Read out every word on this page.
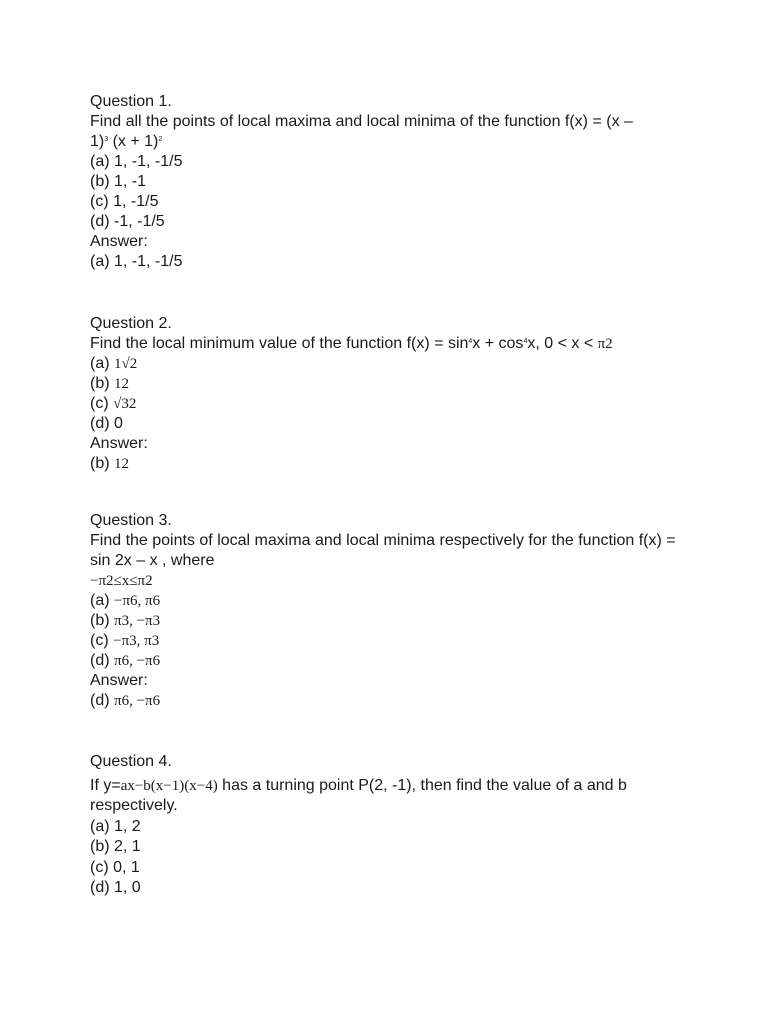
Question 1.
Find all the points of local maxima and local minima of the function f(x) = (x –
1)$^3$ $(x + 1)^2$
(a) 1, -1, -1/5
(b) 1, -1
(c) 1, -1/5
(d) -1, -1/5
Answer:
(a) 1, -1, -1/5
Question 2.
Find the local minimum value of the function $f(x) = \sin^4x + \cos^4x$, 0 < x < π2
(a) 1√2
(b) 12
(c) √32
(d) 0
Answer:
(b) 12
Question 3.
Find the points of local maxima and local minima respectively for the function f(x) = sin 2x – x , where
−π2≤x≤π2
(a) −π6, π6
(b) π3, −π3
(c) −π3, π3
(d) π6, −π6
Answer:
(d) π6, −π6
Question 4.
If y=ax−b(x−1)(x−4) has a turning point P(2, -1), then find the value of a and b
respectively.
(a) 1, 2
(b) 2, 1
(c) 0, 1
(d) 1, 0
